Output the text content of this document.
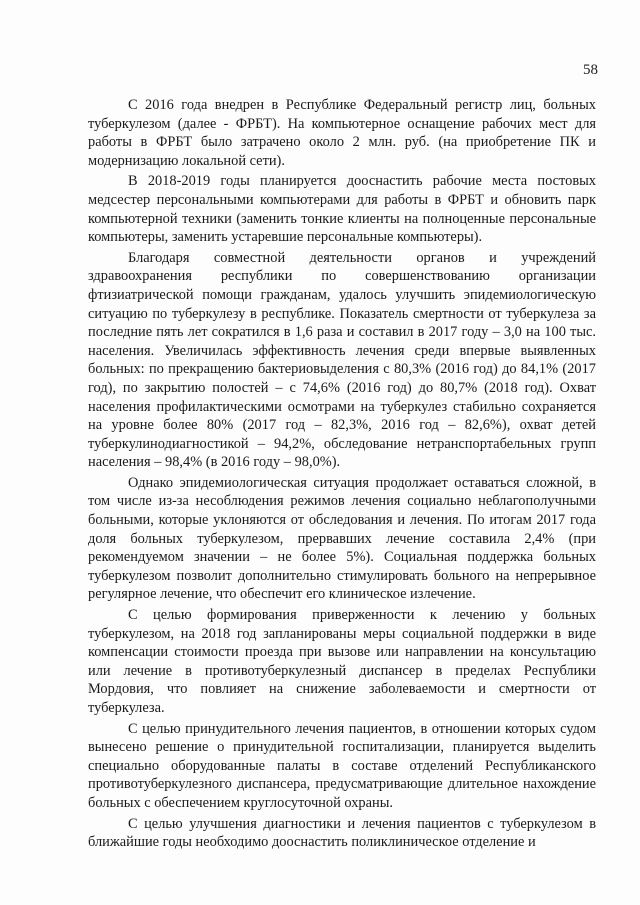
58

С 2016 года внедрен в Республике Федеральный регистр лиц, больных туберкулезом (далее - ФРБТ). На компьютерное оснащение рабочих мест для работы в ФРБТ было затрачено около 2 млн. руб. (на приобретение ПК и модернизацию локальной сети).

В 2018-2019 годы планируется дооснастить рабочие места постовых медсестер персональными компьютерами для работы в ФРБТ и обновить парк компьютерной техники (заменить тонкие клиенты на полноценные персональные компьютеры, заменить устаревшие персональные компьютеры).

Благодаря совместной деятельности органов и учреждений здравоохранения республики по совершенствованию организации фтизиатрической помощи гражданам, удалось улучшить эпидемиологическую ситуацию по туберкулезу в республике. Показатель смертности от туберкулеза за последние пять лет сократился в 1,6 раза и составил в 2017 году – 3,0 на 100 тыс. населения. Увеличилась эффективность лечения среди впервые выявленных больных: по прекращению бактериовыделения с 80,3% (2016 год) до 84,1% (2017 год), по закрытию полостей – с 74,6% (2016 год) до 80,7% (2018 год). Охват населения профилактическими осмотрами на туберкулез стабильно сохраняется на уровне более 80% (2017 год – 82,3%, 2016 год – 82,6%), охват детей туберкулинодиагностикой – 94,2%, обследование нетранспортабельных групп населения – 98,4% (в 2016 году – 98,0%).

Однако эпидемиологическая ситуация продолжает оставаться сложной, в том числе из-за несоблюдения режимов лечения социально неблагополучными больными, которые уклоняются от обследования и лечения. По итогам 2017 года доля больных туберкулезом, прервавших лечение составила 2,4% (при рекомендуемом значении – не более 5%). Социальная поддержка больных туберкулезом позволит дополнительно стимулировать больного на непрерывное регулярное лечение, что обеспечит его клиническое излечение.

С целью формирования приверженности к лечению у больных туберкулезом, на 2018 год запланированы меры социальной поддержки в виде компенсации стоимости проезда при вызове или направлении на консультацию или лечение в противотуберкулезный диспансер в пределах Республики Мордовия, что повлияет на снижение заболеваемости и смертности от туберкулеза.

С целью принудительного лечения пациентов, в отношении которых судом вынесено решение о принудительной госпитализации, планируется выделить специально оборудованные палаты в составе отделений Республиканского противотуберкулезного диспансера, предусматривающие длительное нахождение больных с обеспечением круглосуточной охраны.

С целью улучшения диагностики и лечения пациентов с туберкулезом в ближайшие годы необходимо дооснастить поликлиническое отделение и
